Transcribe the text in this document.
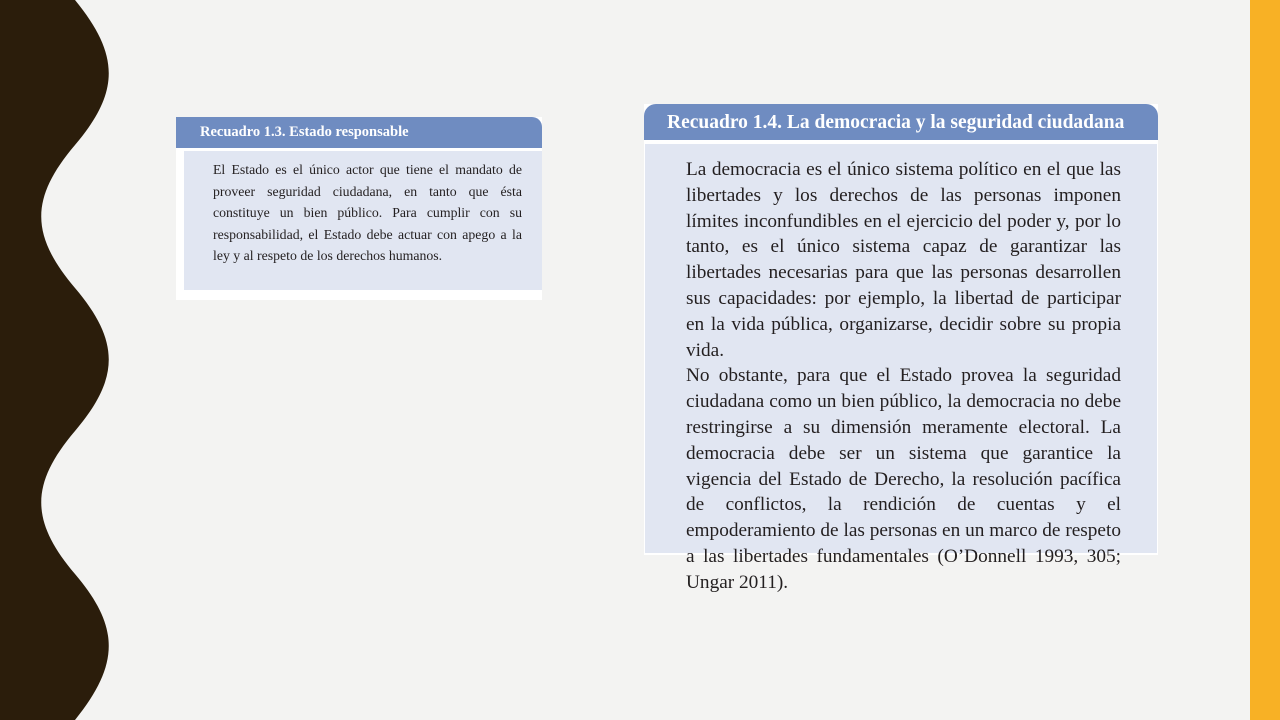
Recuadro 1.3. Estado responsable

El Estado es el único actor que tiene el mandato de proveer seguridad ciudadana, en tanto que ésta constituye un bien público. Para cumplir con su responsabilidad, el Estado debe actuar con apego a la ley y al respeto de los derechos humanos.

Recuadro 1.4. La democracia y la seguridad ciudadana

La democracia es el único sistema político en el que las libertades y los derechos de las personas imponen límites inconfundibles en el ejercicio del poder y, por lo tanto, es el único sistema capaz de garantizar las libertades necesarias para que las personas desarrollen sus capacidades: por ejemplo, la libertad de participar en la vida pública, organizarse, decidir sobre su propia vida.

No obstante, para que el Estado provea la seguridad ciudadana como un bien público, la democracia no debe restringirse a su dimensión meramente electoral. La democracia debe ser un sistema que garantice la vigencia del Estado de Derecho, la resolución pacífica de conflictos, la rendición de cuentas y el empoderamiento de las personas en un marco de respeto a las libertades fundamentales (O’Donnell 1993, 305; Ungar 2011).
